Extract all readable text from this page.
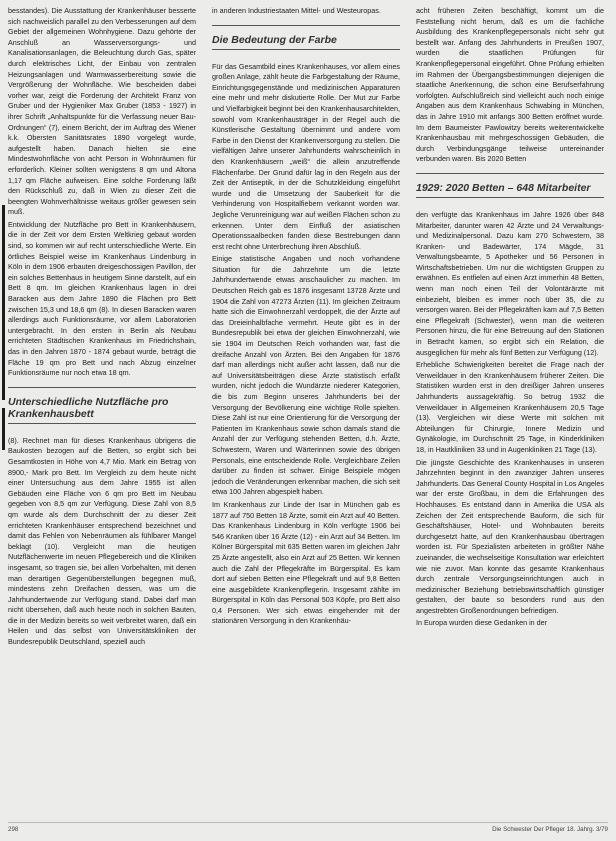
besstandes). Die Ausstattung der Krankenhäuser besserte sich nachweislich parallel zu den Verbesserungen auf dem Gebiet der allgemeinen Wohnhygiene. Dazu gehörte der Anschluß an Wasserversorgungs- und Kanalisationsanlagen, die Beleuchtung durch Gas, später durch elektrisches Licht, der Einbau von zentralen Heizungsanlagen und Warmwasserbereitung sowie die Vergrößerung der Wohnfläche. Wie bescheiden dabei vorher war, zeigt die Forderung der Architekt Franz von Gruber und der Hygieniker Max Gruber (1853 - 1927) in ihrer Schrift „Anhaltspunkte für die Verfassung neuer Bau-Ordnungen“ (7), einem Bericht, der im Auftrag des Wiener k.k. Obersten Sanitätsrates 1890 vorgelegt wurde, aufgestellt haben. Danach hielten sie eine Mindestwohnfläche von acht Person in Wohnräumen für erforderlich. Kleiner sollten wenigstens 8 qm und Altona 1,17 qm Fläche aufweisen. Eine solche Forderung läßt den Rückschluß zu, daß in Wien zu dieser Zeit die beengten Wohnverhältnisse weitaus größer gewesen sein muß.

Entwicklung der Nutzfläche pro Bett in Krankenhäusern, die in der Zeit vor dem Ersten Weltkrieg gebaut worden sind, so kommen wir auf recht unterschiedliche Werte. Ein örtliches Beispiel weise im Krankenhaus Lindenburg in Köln in dem 1906 erbauten dreigeschossigen Pavillon, der ein solches Bettenhaus in heutigem Sinne darstellt, auf ein Bett 8 qm. Im gleichen Krankenhaus lagen in drei Baracken aus dem Jahre 1890 die Flächen pro Bett zwischen 15,3 und 18,6 qm (8). In diesen Baracken waren allerdings auch Funktionsräume, vor allem Laboratorien untergebracht. In den ersten in Berlin als Neubau errichteten Städtischen Krankenhaus im Friedrichshain, das in den Jahren 1870 - 1874 gebaut wurde, beträgt die Fläche 19 qm pro Bett und nach Abzug einzelner Funktionsräume nur noch etwa 18 qm.

Unterschiedliche Nutzfläche pro Krankenhausbett

(8). Rechnet man für dieses Krankenhaus übrigens die Baukosten bezogen auf die Betten, so ergibt sich bei Gesamtkosten in Höhe von 4,7 Mio. Mark ein Betrag von 8900,- Mark pro Bett. Im Vergleich zu dem heute nicht einer Untersuchung aus dem Jahre 1955 ist allen Gebäuden eine Fläche von 6 qm pro Bett im Neubau gegeben von 8,5 qm zur Verfügung. Diese Zahl von 8,5 qm wurde als dem Durchschnitt der zu dieser Zeit errichteten Krankenhäuser entsprechend bezeichnet und damit das Fehlen von Nebenräumen als fühlbarer Mangel beklagt (10). Vergleicht man die heutigen Nutzflächenwerte im neuen Pflegebereich und die Kliniken insgesamt, so tragen sie, bei allen Vorbehalten, mit denen man derartigen Gegenüberstellungen begegnen muß, mindestens zehn Dreifachen dessen, was um die Jahrhundertwende zur Verfügung stand. Dabei darf man nicht übersehen, daß auch heute noch in solchen Bauten, die in der Medizin bereits so weit verbreitet waren, daß ein Heilen und das selbst von Universitätskliniken der Bundesrepublik Deutschland, speziell auch

in anderen Industriestaaten Mittel- und Westeuropas.

Die Bedeutung der Farbe

Für das Gesamtbild eines Krankenhauses, vor allem eines großen Anlage, zählt heute die Farbgestaltung der Räume, Einrichtungsgegenstände und medizinischen Apparaturen eine mehr und mehr diskutierte Rolle. Der Mut zur Farbe und Vielfarbigkeit beginnt bei den Krankenhausarchitekten, sowohl vom Krankenhausträger in der Regel auch die Künstlerische Gestaltung übernimmt und andere vom Farbe in den Dienst der Krankenversorgung zu stellen. Die vielfältigen Jahre unserer Jahrhunderts wahrscheinlich in den Krankenhäusern „weiß“ die allein anzutreffende Flächenfarbe. Der Grund dafür lag in den Regeln aus der Zeit der Antiseptik, in der die Schutzkleidung eingeführt wurde und die Umsetzung der Sauberkeit für die Verhinderung von Hospitalfiebern verkannt worden war. Jegliche Verunreinigung war auf weißen Flächen schon zu erkennen. Unter dem Einfluß der asiatischen Operationssaalbecken fanden diese Bestrebungen dann erst recht ohne Unterbrechung ihren Abschluß.

Einige statistische Angaben und noch vorhandene Situation für die Jahrzehnte um die letzte Jahrhundertwende etwas anschaulicher zu machen. Im Deutschen Reich gab es 1876 insgesamt 13728 Ärzte und 1904 die Zahl von 47273 Ärzten (11). Im gleichen Zeitraum hatte sich die Einwohnerzahl verdoppelt, die der Ärzte auf das Dreieinhalbfache vermehrt. Heute gibt es in der Bundesrepublik bei etwa der gleichen Einwohnerzahl, wie sie 1904 im Deutschen Reich vorhanden war, fast die dreifache Anzahl von Ärzten. Bei den Angaben für 1876 darf man allerdings nicht außer acht lassen, daß nur die auf Universitätsbeiträgen diese Ärzte statistisch erfaßt wurden, nicht jedoch die Wundärzte niederer Kategorien, die bis zum Beginn unseres Jahrhunderts bei der Versorgung der Bevölkerung eine wichtige Rolle spielten. Diese Zahl ist nur eine Orientierung für die Versorgung der Patienten im Krankenhaus sowie schon damals stand die Anzahl der zur Verfügung stehenden Betten, d.h. Ärzte, Schwestern, Waren und Wärterinnen sowie des übrigen Personals, eine entscheidende Rolle. Vergleichbare Zeilen darüber zu finden ist schwer. Einige Beispiele mögen jedoch die Veränderungen erkennbar machen, die sich seit etwa 100 Jahren abgespielt haben.

Im Krankenhaus zur Linde der Isar in München gab es 1877 auf 750 Betten 18 Ärzte, somit ein Arzt auf 40 Betten. Das Krankenhaus Lindenburg in Köln verfügte 1906 bei 546 Kranken über 16 Ärzte (12) - ein Arzt auf 34 Betten. Im Kölner Bürgerspital mit 635 Betten waren im gleichen Jahr 25 Ärzte angestellt, also ein Arzt auf 25 Betten. Wir kennen auch die Zahl der Pflegekräfte im Bürgerspital. Es kam dort auf sieben Betten eine Pflegekraft und auf 9,8 Betten eine ausgebildete Krankenpflegerin. Insgesamt zählte im Bürgerspital in Köln das Personal 503 Köpfe, pro Bett also 0,4 Personen. Wer sich etwas eingehender mit der stationären Versorgung in den Krankenhäu-

acht früheren Zeiten beschäftigt, kommt um die Feststellung nicht herum, daß es um die fachliche Ausbildung des Krankenpflegepersonals nicht sehr gut bestellt war. Anfang des Jahrhunderts in Preußen 1907, wurden die staatlichen Prüfungen für Krankenpflegepersonal eingeführt. Ohne Prüfung erhielten im Rahmen der Übergangsbestimmungen diejenigen die staatliche Anerkennung, die schon eine Berufserfahrung vorfolgten. Aufschlußreich sind vielleicht auch noch einige Angaben aus dem Krankenhaus Schwabing in München, das in Jahre 1910 mit anfangs 300 Betten eröffnet wurde. Im dem Baumeister Pawlowitzy bereits weiterentwickelte Krankenhausbau mit mehrgeschossigen Gebäuden, die durch Verbindungsgänge teilweise untereinander verbunden waren. Bis 2020 Betten

1929: 2020 Betten – 648 Mitarbeiter

den verfügte das Krankenhaus im Jahre 1926 über 848 Mitarbeiter, darunter waren 42 Ärzte und 24 Verwaltungs- und Medizinalpersonal. Dazu kam 270 Schwestern, 38 Kranken- und Badewärter, 174 Mägde, 31 Verwaltungsbeamte, 5 Apotheker und 56 Personen in Wirtschaftsbetrieben. Um nur die wichtigsten Gruppen zu erwähnen. Es entfielen auf einen Arzt immerhin 48 Betten, wenn man noch einen Teil der Volontärärzte mit einbezieht, bleiben es immer noch über 35, die zu versorgen waren. Bei der Pflegekräften kam auf 7,5 Betten eine Pflegekraft (Schwester), wenn man die weiteren Personen hinzu, die für eine Betreuung auf den Stationen in Betracht kamen, so ergibt sich ein Relation, die ausgeglichen für mehr als fünf Betten zur Verfügung (12).

Erhebliche Schwierigkeiten bereitet die Frage nach der Verweildauer in den Krankenhäusern früherer Zeiten. Die Statistiken wurden erst in den dreißiger Jahren unseres Jahrhunderts aussagekräftig. So betrug 1932 die Verweildauer in Allgemeinen Krankenhäusern 20,5 Tage (13). Vergleichen wir diese Werte mit solchen mit Abteilungen für Chirurgie, Innere Medizin und Gynäkologie, im Durchschnitt 25 Tage, in Kinderkliniken 18, in Hautkliniken 33 und in Augenkliniken 21 Tage (13).

Die jüngste Geschichte des Krankenhauses in unseren Jahrzehnten beginnt in den zwanziger Jahren unseres Jahrhunderts. Das General County Hospital in Los Angeles war der erste Großbau, in dem die Erfahrungen des Hochhauses. Es entstand dann in Amerika die USA als Zeichen der Zeit entsprechende Bauform, die sich für Geschäftshäuser, Hotel- und Wohnbauten bereits durchgesetzt hatte, auf den Krankenhausbau übertragen worden ist. Für Spezialisten arbeiteten in größter Nähe zueinander, die wechselseitige Konsultation war erleichtert wie nie zuvor. Man konnte das gesamte Krankenhaus durch zentrale Versorgungseinrichtungen auch in medizinischer Beziehung betriebswirtschaftlich günstiger gestalten, der baute so besonders rund aus den angestrebten Großenordnungen befriedigen.

In Europa wurden diese Gedanken in der

298	Die Schwester Der Pfleger 18. Jahrg. 3/79
